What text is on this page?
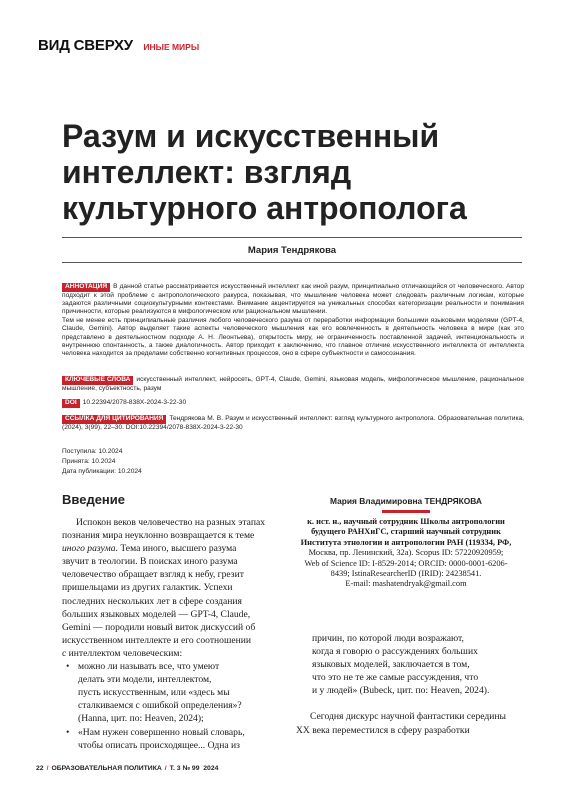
ВИД СВЕРХУ ИНЫЕ МИРЫ
Разум и искусственный
интеллект: взгляд
культурного антрополога
Мария Тендрякова
АННОТАЦИЯ В данной статье рассматривается искусственный интеллект как иной разум, принципиально отличающийся от человеческого. Автор подходит к этой проблеме с антропологического ракурса, показывая, что мышление человека может следовать различным логикам, которые задаются различными социокультурными контекстами. Внимание акцентируется на уникальных способах категоризации реальности и понимания причинности, которые реализуются в мифологическом или рациональном мышлении.
Тем не менее есть принципиальные различия любого человеческого разума от переработки информации большими языковыми моделями (GPT-4, Claude, Gemini). Автор выделяет такие аспекты человеческого мышления как его вовлеченность в деятельность человека в мире (как это представлено в деятельностном подходе А. Н. Леонтьева), открытость миру, не ограниченность поставленной задачей, интенциональность и внутреннюю спонтанность, а также диалогичность. Автор приходит к заключению, что главное отличие искусственного интеллекта от интеллекта человека находится за пределами собственно когнитивных процессов, оно в сфере субъектности и самосознания.
КЛЮЧЕВЫЕ СЛОВА искусственный интеллект, нейросеть, GPT-4, Claude, Gemini, языковая модель, мифологическое мышление, рациональное мышление, субъектность, разум
DOI 10.22394/2078-838X-2024-3-22-30
ССЫЛКА ДЛЯ ЦИТИРОВАНИЯ Тендрякова М. В. Разум и искусственный интеллект: взгляд культурного антрополога. Образовательная политика, (2024), 3(99), 22–30. DOI:10.22394/2078-838X-2024-3-22-30
Поступила: 10.2024
Принята: 10.2024
Дата публикации: 10.2024
Введение
Испокон веков человечество на разных этапах
познания мира неуклонно возвращается к теме
иного разума. Тема иного, высшего разума
звучит в теологии. В поисках иного разума
человечество обращает взгляд к небу, грезит
пришельцами из других галактик. Успехи
последних нескольких лет в сфере создания
больших языковых моделей — GPT-4, Claude,
Gemini — породили новый виток дискуссий об
искусственном интеллекте и его соотношении
с интеллектом человеческим:
• можно ли называть все, что умеют
делать эти модели, интеллектом,
пусть искусственным, или «здесь мы
сталкиваемся с ошибкой определения»?
(Hanna, цит. по: Heaven, 2024);
• «Нам нужен совершенно новый словарь,
чтобы описать происходящее... Одна из
Мария Владимировна ТЕНДРЯКОВА
к. ист. н., научный сотрудник Школы антропологии
будущего РАНХиГС, старший научный сотрудник
Института этнологии и антропологии РАН (119334, РФ,
Москва, пр. Ленинский, 32а). Scopus ID: 57220920959;
Web of Science ID: I-8529-2014; ORCID: 0000-0001-6206-
8439; IstinaResearcherID (IRID): 24238541.
E-mail: mashatendryak@gmail.com
причин, по которой люди возражают,
когда я говорю о рассуждениях больших
языковых моделей, заключается в том,
что это не те же самые рассуждения, что
и у людей» (Bubeck, цит. по: Heaven, 2024).
Сегодня дискурс научной фантастики середины
XX века переместился в сферу разработки
22 / ОБРАЗОВАТЕЛЬНАЯ ПОЛИТИКА / Т. 3 № 99 2024
